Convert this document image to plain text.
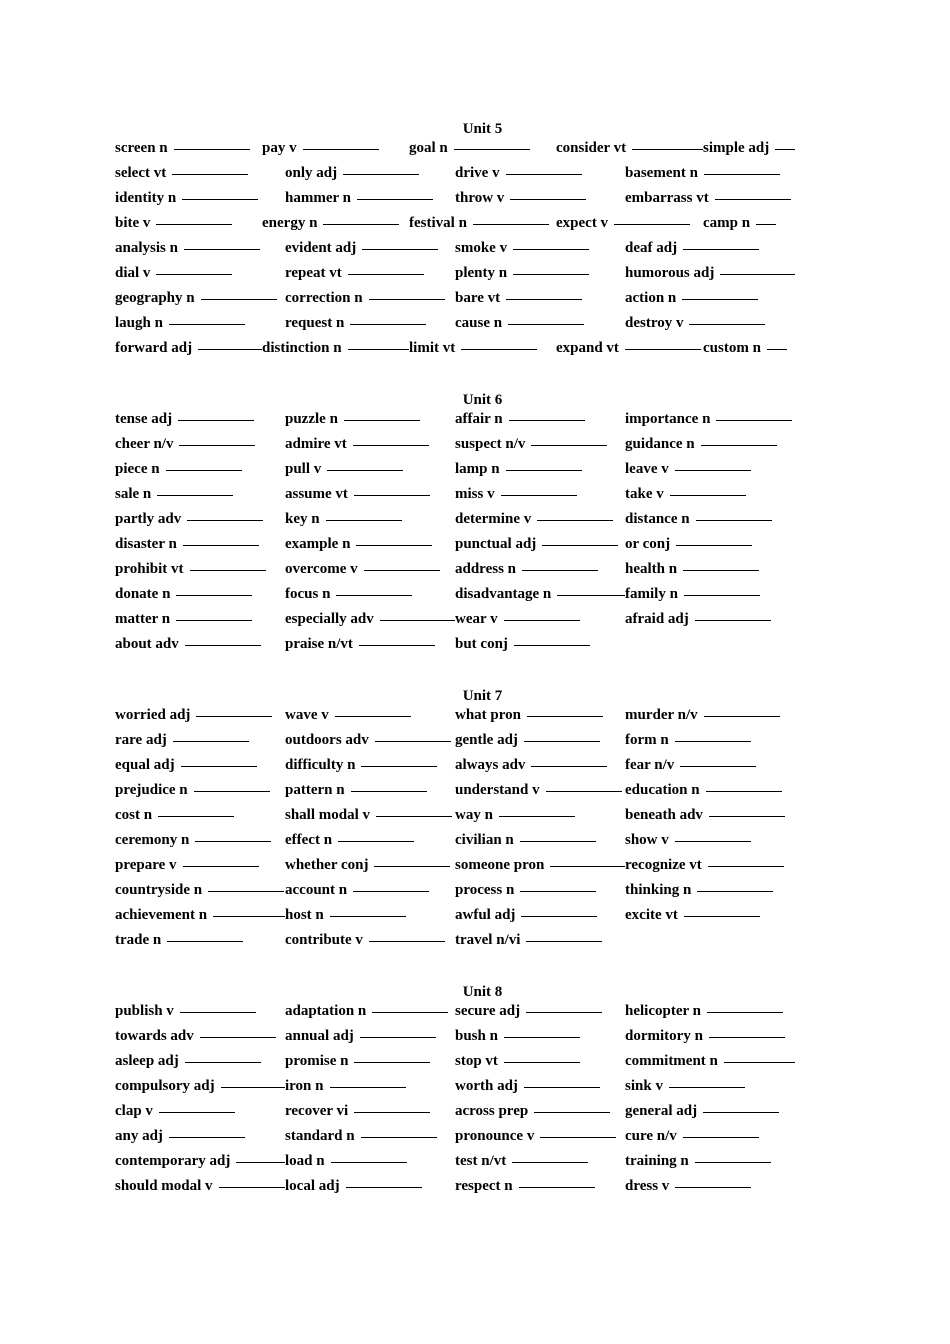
Unit 5
screen n	pay v	goal n	consider vt	simple adj
select vt	only adj	drive v	basement n
identity n	hammer n	throw v	embarrass vt
bite v	energy n	festival n	expect v	camp n
analysis n	evident adj	smoke v	deaf adj
dial v	repeat vt	plenty n	humorous adj
geography n	correction n	bare vt	action n
laugh n	request n	cause n	destroy v
forward adj	distinction n	limit vt	expand vt	custom n
Unit 6
tense adj	puzzle n	affair n	importance n
cheer n/v	admire vt	suspect n/v	guidance n
piece n	pull v	lamp n	leave v
sale n	assume vt	miss v	take v
partly adv	key n	determine v	distance n
disaster n	example n	punctual adj	or conj
prohibit vt	overcome v	address n	health n
donate n	focus n	disadvantage n	family n
matter n	especially adv	wear v	afraid adj
about adv	praise n/vt	but conj
Unit 7
worried adj	wave v	what pron	murder n/v
rare adj	outdoors adv	gentle adj	form n
equal adj	difficulty n	always adv	fear n/v
prejudice n	pattern n	understand v	education n
cost n	shall modal v	way n	beneath adv
ceremony n	effect n	civilian n	show v
prepare v	whether conj	someone pron	recognize vt
countryside n	account n	process n	thinking n
achievement n	host n	awful adj	excite vt
trade n	contribute v	travel n/vi
Unit 8
publish v	adaptation n	secure adj	helicopter n
towards adv	annual adj	bush n	dormitory n
asleep adj	promise n	stop vt	commitment n
compulsory adj	iron n	worth adj	sink v
clap v	recover vi	across prep	general adj
any adj	standard n	pronounce v	cure n/v
contemporary adj	load n	test n/vt	training n
should modal v	local adj	respect n	dress v
